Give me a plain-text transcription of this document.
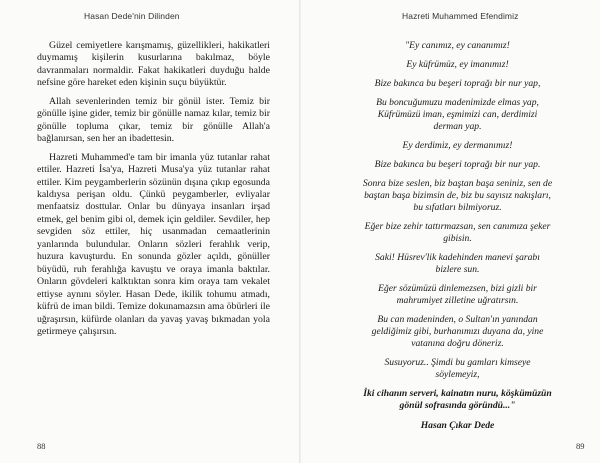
Hasan Dede'nin Dilinden

Güzel cemiyetlere karışmamış, güzellikleri, hakikatleri duymamış kişilerin kusurlarına bakılmaz, böyle davranmaları normaldir. Fakat hakikatleri duyduğu halde nefsine göre hareket eden kişinin suçu büyüktür.

Allah sevenlerinden temiz bir gönül ister. Temiz bir gönülle işine gider, temiz bir gönülle namaz kılar, temiz bir gönülle topluma çıkar, temiz bir gönülle Allah'a bağlanırsan, sen her an ibadettesin.

Hazreti Muhammed'e tam bir imanla yüz tutanlar rahat ettiler. Hazreti İsa'ya, Hazreti Musa'ya yüz tutanlar rahat ettiler. Kim peygamberlerin sözünün dışına çıkıp egosunda kaldıysa perişan oldu. Çünkü peygamberler, evliyalar menfaatsiz dosttular. Onlar bu dünyaya insanları irşad etmek, gel benim gibi ol, demek için geldiler. Sevdiler, hep sevgiden söz ettiler, hiç usanmadan cemaatlerinin yanlarında bulundular. Onların sözleri ferahlık verip, huzura kavuşturdu. En sonunda gözler açıldı, gönüller büyüdü, ruh ferahlığa kavuştu ve oraya imanla baktılar. Onların gövdeleri kalktıktan sonra kim oraya tam vekalet ettiyse aynını söyler. Hasan Dede, ikilik tohumu atmadı, küfrü de iman bildi. Temize dokunamazsın ama öbürleri ile uğraşırsın, küfürde olanları da yavaş yavaş bıkmadan yola getirmeye çalışırsın.

88
Hazreti Muhammed Efendimiz
"Ey canımız, ey cananımız!
Ey küfrümüz, ey imanımız!
Bize bakınca bu beşeri toprağı bir nur yap,
Bu boncuğumuzu madenimizde elmas yap,
Küfrümüzü iman, eşmimizi can, derdimizi
derman yap.
Ey derdimiz, ey dermanımız!
Bize bakınca bu beşeri toprağı bir nur yap.
Sonra bize seslen, biz baştan başa seniniz, sen de
baştan başa bizimsin de, biz bu sayısız nakışları,
bu sıfatları bilmiyoruz.
Eğer bize zehir tattırmazsan, sen canımıza şeker
gibisin.
Saki! Hüsrev'lik kadehinden manevi şarabı
bizlere sun.
Eğer sözümüzü dinlemezsen, bizi gizli bir
mahrumiyet zilletine uğratırsın.
Bu can madeninden, o Sultan'ın yanından
geldiğimiz gibi, burhanımızı duyana da, yine
vatanına doğru döneriz.
Susuyoruz.. Şimdi bu gamları kimseye
söylemeyiz,
İki cihanın serveri, kainatın nuru, köşkümüzün
gönül sofrasında göründü..."
Hasan Çıkar Dede
89
